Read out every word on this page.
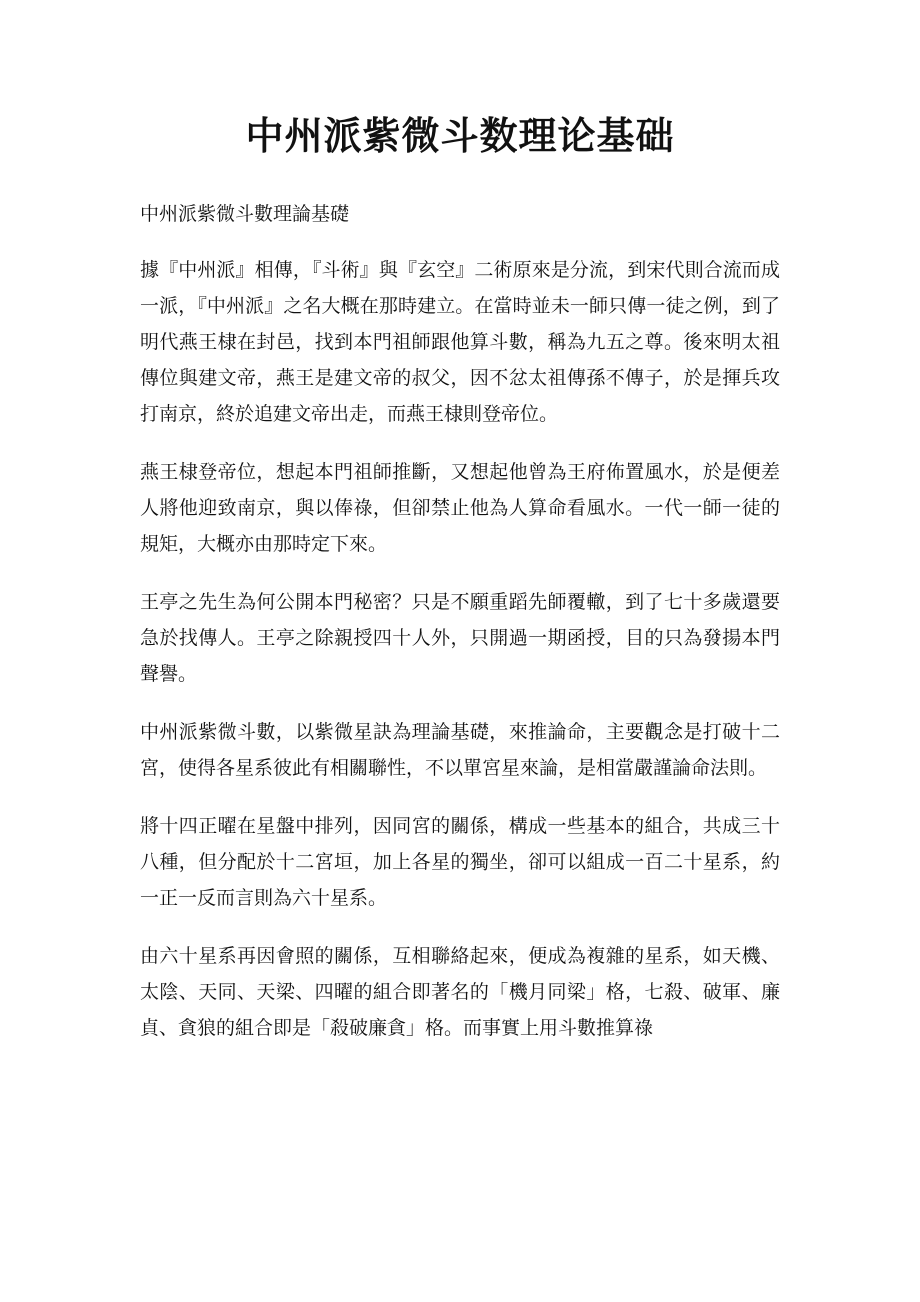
中州派紫微斗数理论基础

中州派紫微斗數理論基礎

據『中州派』相傳，『斗術』與『玄空』二術原來是分流，到宋代則合流而成一派，『中州派』之名大概在那時建立。在當時並未一師只傳一徒之例，到了明代燕王棣在封邑，找到本門祖師跟他算斗數，稱為九五之尊。後來明太祖傳位與建文帝，燕王是建文帝的叔父，因不忿太祖傳孫不傳子，於是揮兵攻打南京，終於追建文帝出走，而燕王棣則登帝位。

燕王棣登帝位，想起本門祖師推斷，又想起他曾為王府佈置風水，於是便差人將他迎致南京，與以俸祿，但卻禁止他為人算命看風水。一代一師一徒的規矩，大概亦由那時定下來。

王亭之先生為何公開本門秘密？只是不願重蹈先師覆轍，到了七十多歲還要急於找傳人。王亭之除親授四十人外，只開過一期函授，目的只為發揚本門聲譽。

中州派紫微斗數，以紫微星訣為理論基礎，來推論命，主要觀念是打破十二宮，使得各星系彼此有相關聯性，不以單宮星來論，是相當嚴謹論命法則。

將十四正曜在星盤中排列，因同宮的關係，構成一些基本的組合，共成三十八種，但分配於十二宮垣，加上各星的獨坐，卻可以組成一百二十星系，約一正一反而言則為六十星系。

由六十星系再因會照的關係，互相聯絡起來，便成為複雜的星系，如天機、太陰、天同、天梁、四曜的組合即著名的「機月同梁」格，七殺、破軍、廉貞、貪狼的組合即是「殺破廉貪」格。而事實上用斗數推算祿
